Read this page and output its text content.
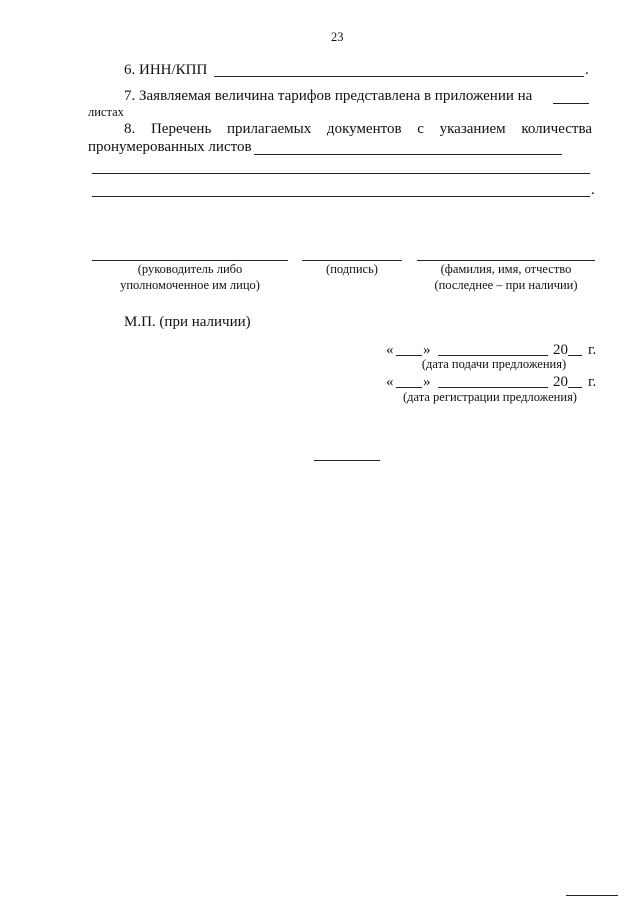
23
6. ИНН/КПП	.
7. Заявляемая величина тарифов представлена в приложении на
листах
8. Перечень прилагаемых документов с указанием количества
пронумерованных листов
.
(руководитель либо
уполномоченное им лицо)
(подпись)	(фамилия, имя, отчество
(последнее – при наличии)
М.П. (при наличии)
« »	20 г.
(дата подачи предложения)
« »	20 г.
(дата регистрации предложения)
